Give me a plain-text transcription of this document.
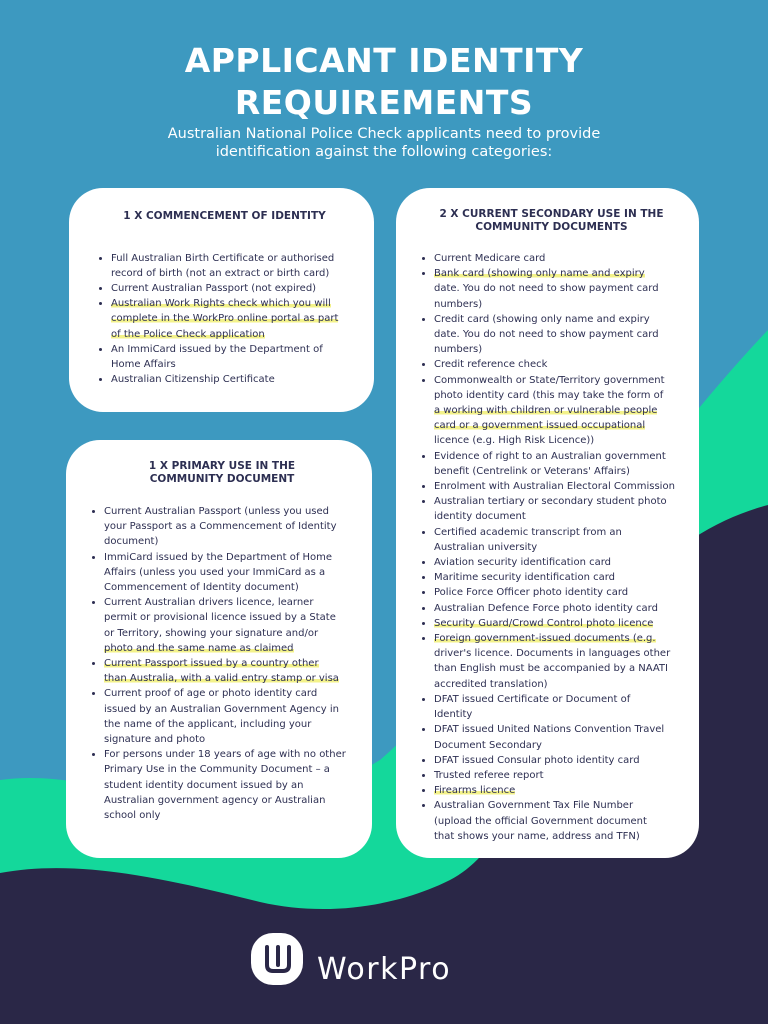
APPLICANT IDENTITY
REQUIREMENTS

Australian National Police Check applicants need to provide
identification against the following categories:

1 X COMMENCEMENT OF IDENTITY
Full Australian Birth Certificate or authorised
record of birth (not an extract or birth card)
Current Australian Passport (not expired)
Australian Work Rights check which you will
complete in the WorkPro online portal as part
of the Police Check application
An ImmiCard issued by the Department of
Home Affairs
Australian Citizenship Certificate
1 X PRIMARY USE IN THE
COMMUNITY DOCUMENT
Current Australian Passport (unless you used
your Passport as a Commencement of Identity
document)
ImmiCard issued by the Department of Home
Affairs (unless you used your ImmiCard as a
Commencement of Identity document)
Current Australian drivers licence, learner
permit or provisional licence issued by a State
or Territory, showing your signature and/or
photo and the same name as claimed
Current Passport issued by a country other
than Australia, with a valid entry stamp or visa
Current proof of age or photo identity card
issued by an Australian Government Agency in
the name of the applicant, including your
signature and photo
For persons under 18 years of age with no other
Primary Use in the Community Document – a
student identity document issued by an
Australian government agency or Australian
school only
2 X CURRENT SECONDARY USE IN THE
COMMUNITY DOCUMENTS
Current Medicare card
Bank card (showing only name and expiry
date. You do not need to show payment card
numbers)
Credit card (showing only name and expiry
date. You do not need to show payment card
numbers)
Credit reference check
Commonwealth or State/Territory government
photo identity card (this may take the form of
a working with children or vulnerable people
card or a government issued occupational
licence (e.g. High Risk Licence))
Evidence of right to an Australian government
benefit (Centrelink or Veterans' Affairs)
Enrolment with Australian Electoral Commission
Australian tertiary or secondary student photo
identity document
Certified academic transcript from an
Australian university
Aviation security identification card
Maritime security identification card
Police Force Officer photo identity card
Australian Defence Force photo identity card
Security Guard/Crowd Control photo licence
Foreign government-issued documents (e.g.
driver's licence. Documents in languages other
than English must be accompanied by a NAATI
accredited translation)
DFAT issued Certificate or Document of
Identity
DFAT issued United Nations Convention Travel
Document Secondary
DFAT issued Consular photo identity card
Trusted referee report
Firearms licence
Australian Government Tax File Number
(upload the official Government document
that shows your name, address and TFN)
WorkPro
